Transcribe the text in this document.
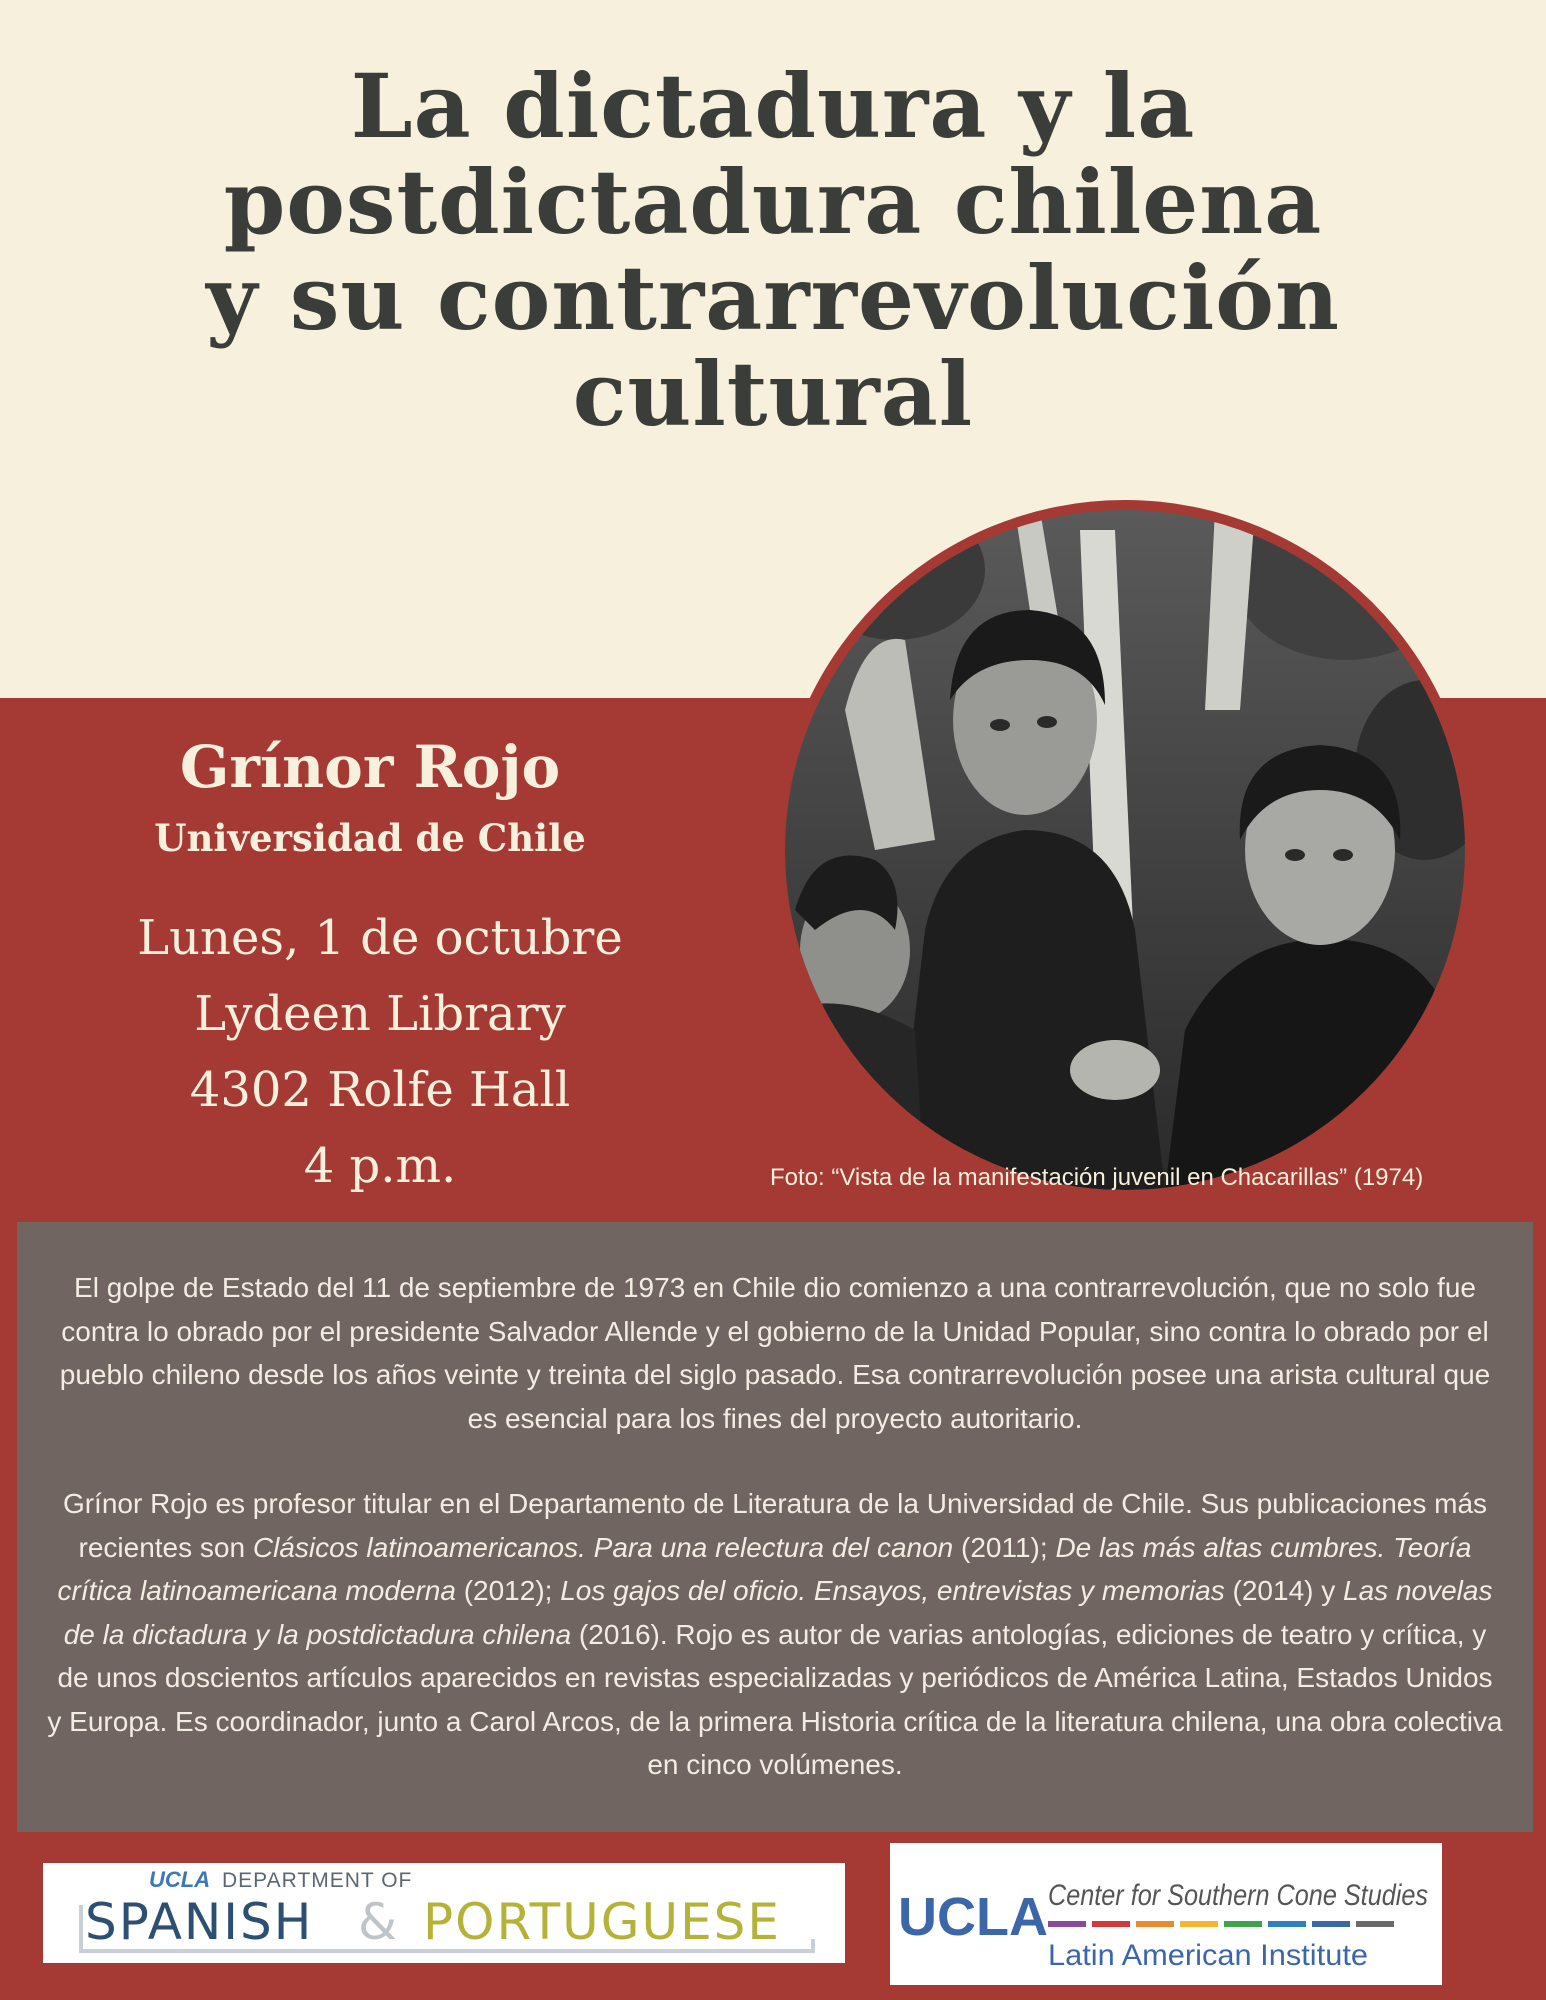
La dictadura y la
postdictadura chilena
y su contrarrevolución
cultural
Grínor Rojo
Universidad de Chile
Lunes, 1 de octubre
Lydeen Library
4302 Rolfe Hall
4 p.m.	Foto: “Vista de la manifestación juvenil en Chacarillas” (1974)

El golpe de Estado del 11 de septiembre de 1973 en Chile dio comienzo a una contrarrevolución, que no solo fue contra lo obrado por el presidente Salvador Allende y el gobierno de la Unidad Popular, sino contra lo obrado por el pueblo chileno desde los años veinte y treinta del siglo pasado. Esa contrarrevolución posee una arista cultural que es esencial para los fines del proyecto autoritario.

Grínor Rojo es profesor titular en el Departamento de Literatura de la Universidad de Chile. Sus publicaciones más recientes son Clásicos latinoamericanos. Para una relectura del canon (2011); De las más altas cumbres. Teoría crítica latinoamericana moderna (2012); Los gajos del oficio. Ensayos, entrevistas y memorias (2014) y Las novelas de la dictadura y la postdictadura chilena (2016). Rojo es autor de varias antologías, ediciones de teatro y crítica, y de unos doscientos artículos aparecidos en revistas especializadas y periódicos de América Latina, Estados Unidos y Europa. Es coordinador, junto a Carol Arcos, de la primera Historia crítica de la literatura chilena, una obra colectiva en cinco volúmenes.

UCLA DEPARTMENT OF
SPANISH & PORTUGUESE UCLA Center for Southern Cone Studies
Latin American Institute
